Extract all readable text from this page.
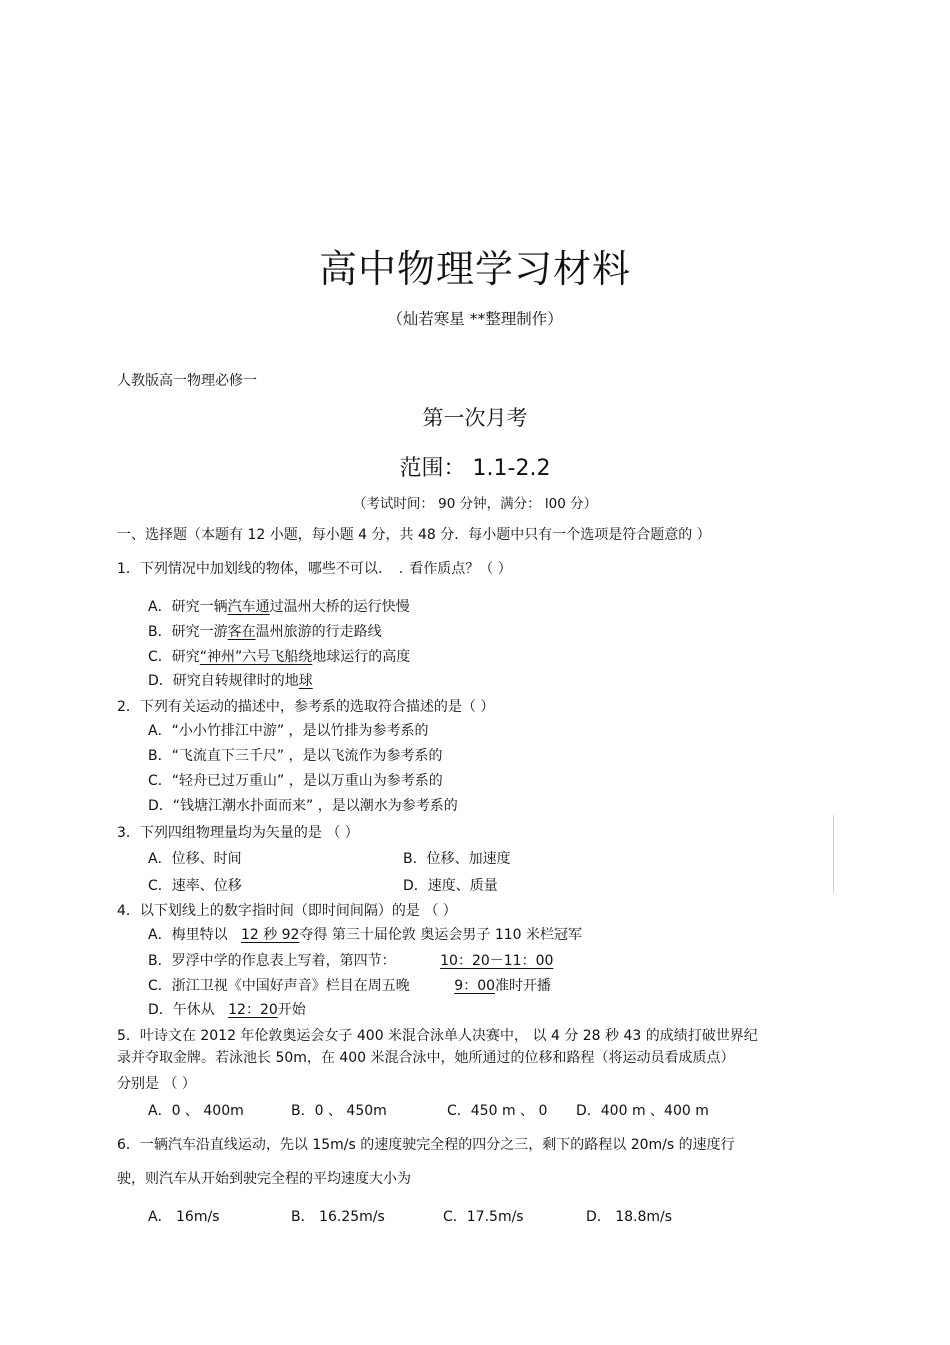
高中物理学习材料
（灿若寒星 **整理制作）
人教版高一物理必修一
第一次月考
范围： 1.1-2.2
（考试时间： 90 分钟，满分： l00 分）
一、选择题（本题有 12 小题，每小题 4 分，共 48 分．每小题中只有一个选项是符合题意的 ）
1．下列情况中加划线的物体，哪些不可以. .看作质点？（ ）
A．研究一辆汽车通过温州大桥的运行快慢
B．研究一游客在温州旅游的行走路线
C．研究“神州”六号飞船绕地球运行的高度
D．研究自转规律时的地球
2．下列有关运动的描述中，参考系的选取符合描述的是（ ）
A．“小小竹排江中游” ，是以竹排为参考系的
B．“飞流直下三千尺” ，是以飞流作为参考系的
C．“轻舟已过万重山” ，是以万重山为参考系的
D．“钱塘江潮水扑面而来” ，是以潮水为参考系的
3．下列四组物理量均为矢量的是 （ ）
A．位移、时间	B．位移、加速度
C．速率、位移	D．速度、质量
4．以下划线上的数字指时间（即时间间隔）的是 （ ）
A．梅里特以 12 秒 92夺得 第三十届伦敦 奥运会男子 110 米栏冠军
B．罗浮中学的作息表上写着，第四节：	10：20－11：00
C．浙江卫视《中国好声音》栏目在周五晚	9：00准时开播
D．午休从 12：20开始
5．叶诗文在 2012 年伦敦奥运会女子 400 米混合泳单人决赛中， 以 4 分 28 秒 43 的成绩打破世界纪
录并夺取金牌。若泳池长 50m，在 400 米混合泳中，她所通过的位移和路程（将运动员看成质点）
分别是 （ ）
A．0 、 400m	B．0 、 450m	C．450 m 、 0 D．400 m 、400 m
6．一辆汽车沿直线运动，先以 15m/s 的速度驶完全程的四分之三，剩下的路程以 20m/s 的速度行
驶，则汽车从开始到驶完全程的平均速度大小为
A． 16m/s	B． 16.25m/s	C．17.5m/s	D． 18.8m/s
